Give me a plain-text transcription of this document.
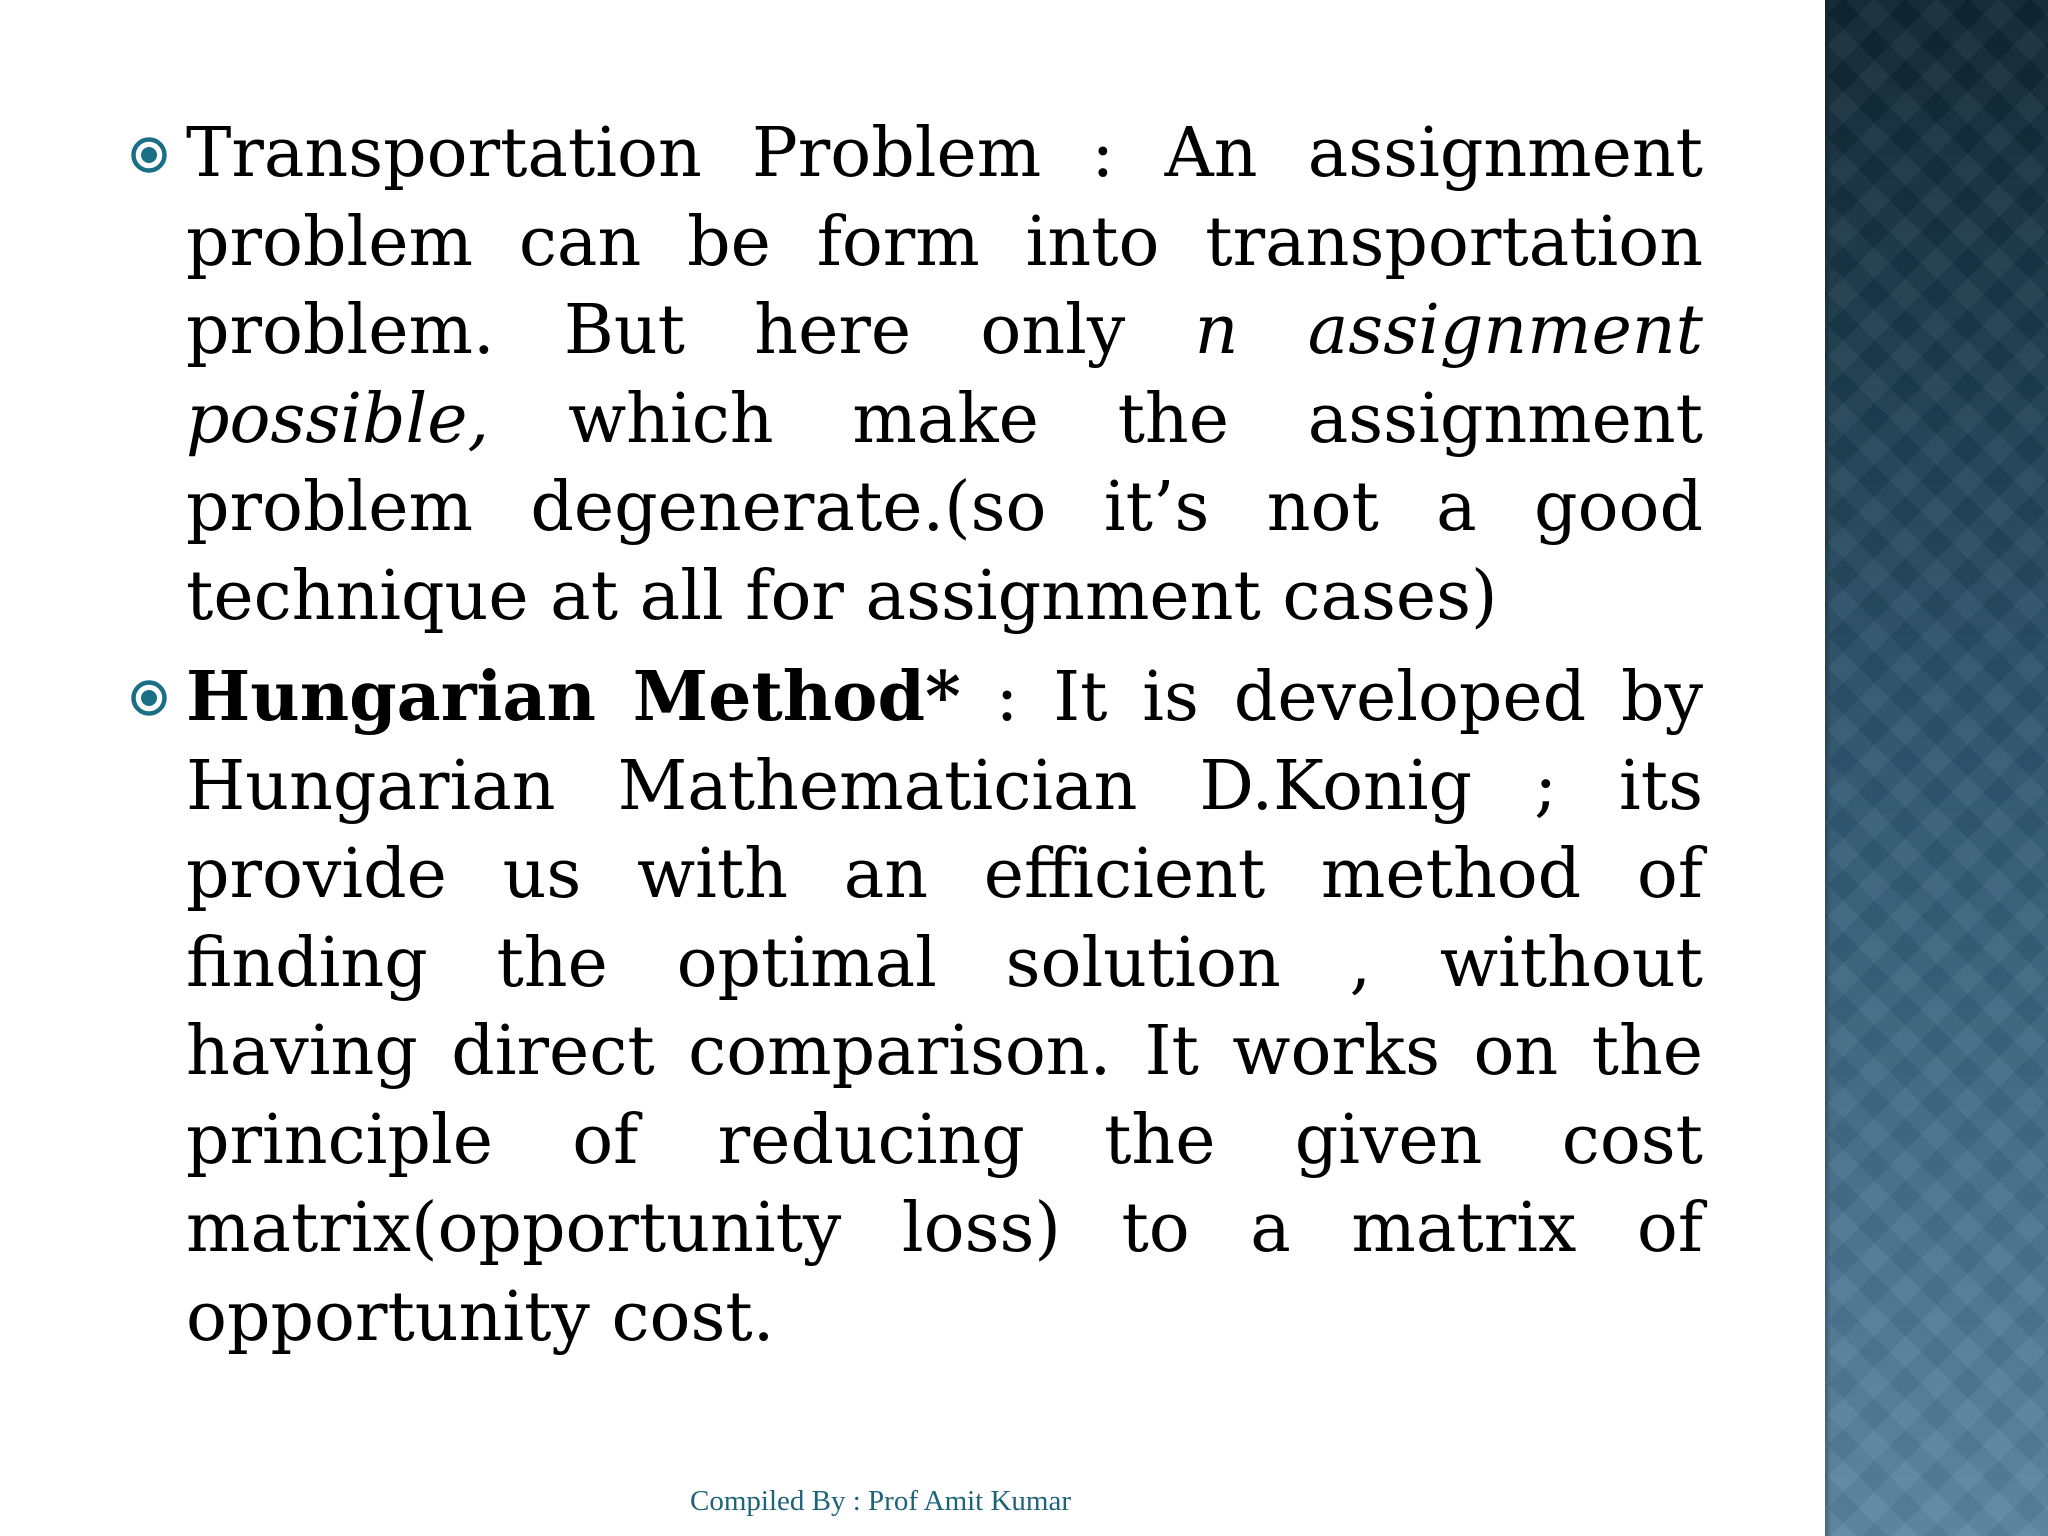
Transportation Problem : An assignment problem can be form into transportation problem. But here only n assignment possible, which make the assignment problem degenerate.(so it’s not a good technique at all for assignment cases)
Hungarian Method* : It is developed by Hungarian Mathematician D.Konig ; its provide us with an efficient method of finding the optimal solution , without having direct comparison. It works on the principle of reducing the given cost matrix(opportunity loss) to a matrix of opportunity cost.
Compiled By : Prof Amit Kumar
